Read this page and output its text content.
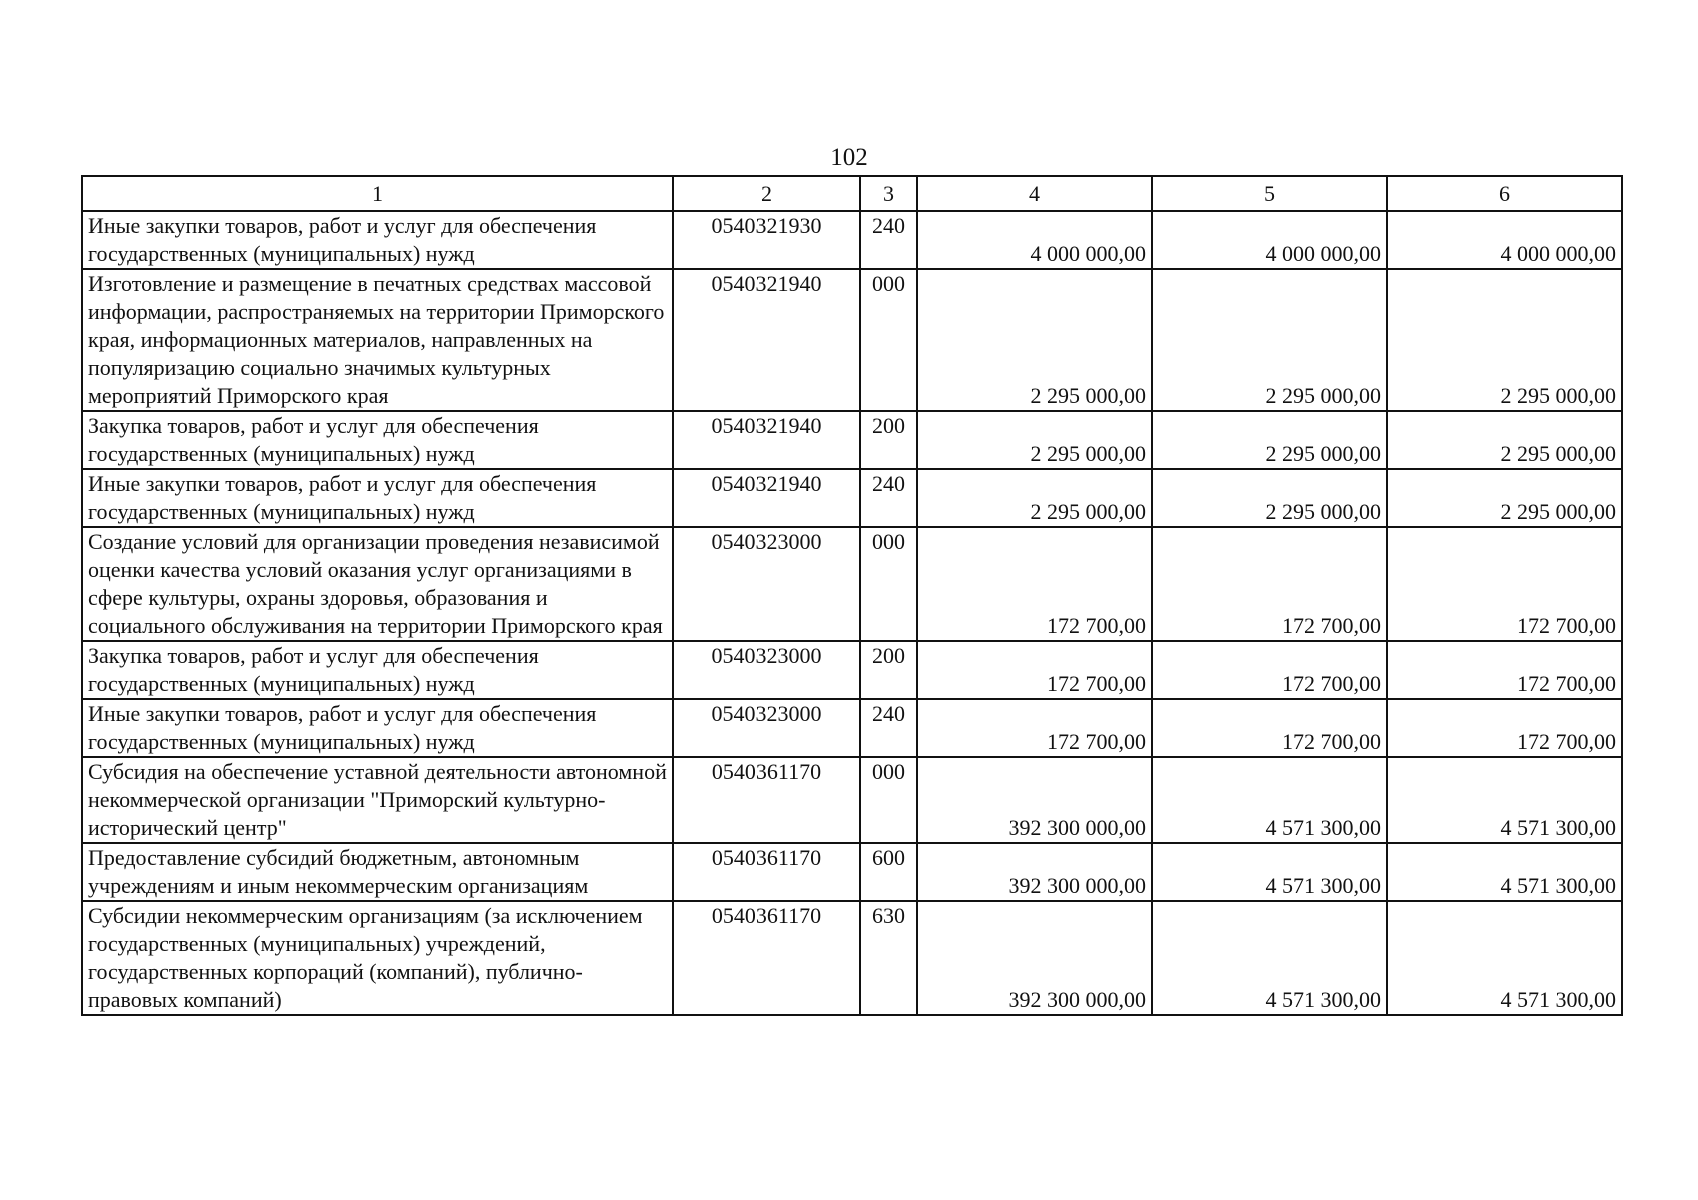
102
1	2	3	4	5	6
Иные закупки товаров, работ и услуг для обеспечения государственных (муниципальных) нужд	0540321930	240	4 000 000,00	4 000 000,00	4 000 000,00
Изготовление и размещение в печатных средствах массовой информации, распространяемых на территории Приморского края, информационных материалов, направленных на популяризацию социально значимых культурных мероприятий Приморского края	0540321940	000	2 295 000,00	2 295 000,00	2 295 000,00
Закупка товаров, работ и услуг для обеспечения государственных (муниципальных) нужд	0540321940	200	2 295 000,00	2 295 000,00	2 295 000,00
Иные закупки товаров, работ и услуг для обеспечения государственных (муниципальных) нужд	0540321940	240	2 295 000,00	2 295 000,00	2 295 000,00
Создание условий для организации проведения независимой оценки качества условий оказания услуг организациями в сфере культуры, охраны здоровья, образования и социального обслуживания на территории Приморского края	0540323000	000	172 700,00	172 700,00	172 700,00
Закупка товаров, работ и услуг для обеспечения государственных (муниципальных) нужд	0540323000	200	172 700,00	172 700,00	172 700,00
Иные закупки товаров, работ и услуг для обеспечения государственных (муниципальных) нужд	0540323000	240	172 700,00	172 700,00	172 700,00
Субсидия на обеспечение уставной деятельности автономной некоммерческой организации "Приморский культурно-исторический центр"	0540361170	000	392 300 000,00	4 571 300,00	4 571 300,00
Предоставление субсидий бюджетным, автономным учреждениям и иным некоммерческим организациям	0540361170	600	392 300 000,00	4 571 300,00	4 571 300,00
Субсидии некоммерческим организациям (за исключением государственных (муниципальных) учреждений, государственных корпораций (компаний), публично-правовых компаний)	0540361170	630	392 300 000,00	4 571 300,00	4 571 300,00
